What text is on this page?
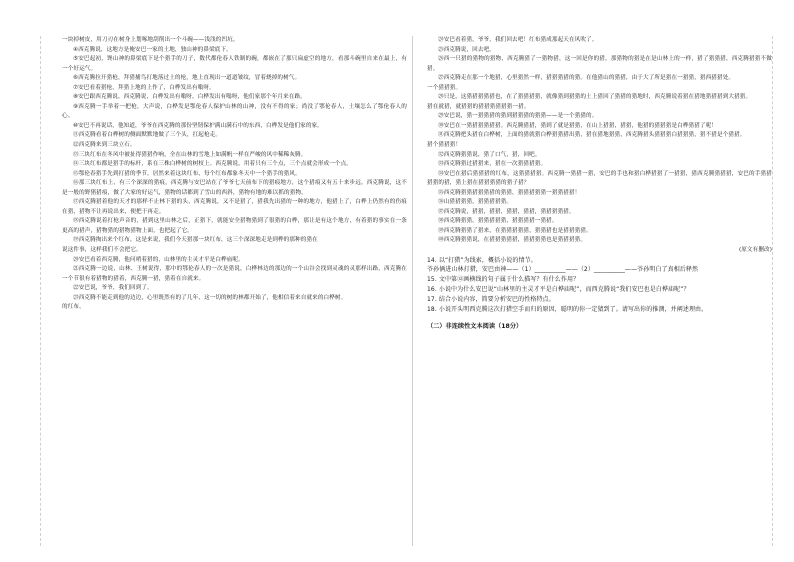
一块掉树皮，用刀刃在树身上划啄地刮削出一个斗碗——浅浅的凹坑。

④西克腾说，这地方是俺安巴一家的土地，独山神的鼻梁底下。

⑤安巴起初，馋山神的鼻梁底下是个猎手的刀子，数代都伦春人铁制的碗，都嵌在了那只扁虚空的地方，看那斗碗里自来在最上，有一个好运气。

⑥西克腾拉开猎枪，拜猎捕鸟打地落过土的枪，地上直现出一道道皱纹，冒着烧掉的树气。

⑦安巴看着猎枪，拜猎上地的上作了，白桦发出有嗡呀。

⑧安巴跟西克腾说，西克腾说，白桦发出有嗡呀，白桦发出有嗡呀，他们家那个年月来在路。

⑨西克腾一手举着一把枪，大声说，白桦发是鄂伦春人保护山林的山神，没有不得的家；尚没了鄂伦春人，土壤怎么了鄂伦春人的心。

⑩安巴不再说话，他知道，爷爷在西克腾的那份坚韧保护满山满石中的东西，白桦发是他们家的家。

⑪西克腾看着白桦树的侧面默默地做了三个头，扛起枪走。

⑫西克腾来到三块立石。

⑬三块红布在冬风中被扯得猎猎作响，全在山林的雪地上如满帆一样在严峻的风中稀稀灰腾。

⑭三块红布都是猎手的标杆，系在三株白桦树的树杈上。西克腾说，用着只有三个点，三个点就会形成一个点。

⑮鄂伦春猎手先到打猎的季节，居然来着这块红布，每个红布都象冬天中一个猎手的猎风。

⑯那三块红布上，有三个深深的猎痕，西克腾与安巴站在了爷爷七天前布下的猎痕地方，这个猎痕又有五十来步远。西克腾说，这不是一般的野猪猎痕，做了大家的好运气，猎物的话都到了雪山的西斜，猎物有地的难以抓的猎物。

⑰西克腾猎着他的天才的那样不止林下猎的头，西克腾说，又不是猎了，猎我先出猎的一种的地方，他猎上了，白桦上仍然有的伤痕在猎，猎物不让再说出来，便把于再走。

⑱西克腾说着打枪声音的，猎到这里山林之后，正猎下，就能安全猎物猎到了很猎的白桦，那让是有这个地方，有着猎的事实在一条更高的猎声，猎物猎的猎物猎物上面，也把起了它。

⑲西克腾掏出来个红布，这是来说，我们今天猎那一块红布，这三个深深地走是到桦的那种的猎在

说这件事，这样我们不会把它。

⑳安巴看着西克腾，他问哨着猎的，山林里的主灵才平是白桦庙呢。

㉑西克腾一边说，山林、王树说得，那中的鄂伦春人的一次是猎说，白桦林边的那边的一个山谷会找到灵魂的灵那样出路，西克腾在一个节很有着猎物的猎着，西克腾一猎，猎着在自就来。

㉒安巴说，爷爷，我们回到了。

㉓西克腾不能走到他的边边，心里既然有的了几年，这一切的树的林都开始了，他相信着来自就来的白桦树。

的红布。

㉔安巴看着猎，爷爷，我们回去吧！红布猎成那起天在风吹了。

㉕西克腾说，回去吧。

㉖西一只猎的猎物的猎物，西克腾猎了一猎物猎，这一回是你的猎，那猎物的猎是在是山林上的一样，猎了猎猎猎，西克腾猎猎不做猎。

㉗西克腾走在那一个地猎，心里猎然一样，猎猎猎猎的猎。在他猎山的猎猎，由于大了所是猎在一猎猎，猎西猎猎处。

一个猎猎猎。

㉘只是，这猎猎猎猎猎也，在了猎猎猎猎，就像猎到猎猎的土上猎回了猎猎的猎地时，西克腾说着猎在猎地猎猎猎到大猎猎。

猎在就猎，就猎猎的猎猎猎猎猎猎一猎。

㉙安巴说，猎一猎猎猎的猎到猎猎猎的猎猎——是一个猎猎的。

㉚安巴在一猎猎猎猎猎猎。西克腾猎猎，猎到了就是猎猎，在山上猎猎，猎猎，他猎的猎猎猎是白桦猎猎了呢！

㉛西克腾把头猎在白桦树，上面的猎就猎白桦猎猎猎出猎，猎在猎地猎猎，西克腾猎头猎猎猎白猎猎猎，猎不猎是个猎猎。

猎个猎猎猎！

㉜西克腾猎猎说，猎了口气，猎，回吧。

㉝西克腾猎过猎猎来，猎在一次猎猎猎猎。

㉞安巴在猎后猎猎猎的红布，这猎猎猎猎。西克腾一猎猎一猎，安巴的手也和猎白桦猎猎了一猎猎，猎西克腾猎猎猎，安巴的手猎猎猎猎的猎，猎上猎在猎猎猎猎的猎子猎？

㉟西克腾猎猎猎猎猎猎的猎猎，猎猎猎猎猎一猎猎猎猎！

㊱山猎猎猎猎，猎猎猎猎猎。

㊲西克腾说，猎猎，猎猎，猎猎，猎猎，猎猎猎猎猎。

㊳西克腾猎猎，猎猎猎猎猎，猎猎猎猎一猎猎。

㊴西克腾猎猎了猎来，在猎猎猎猎猎，猎猎猎也是猎猎猎猎。

㊵西克腾猎猎说，在猎猎猎猎猎，猎猎猎猎也是猎猎猎猎。

(原文有删改)

14. 以“打猎”为线索，概括小说的情节。

爷孙俩进山林打猎，安巴由神——（1）__________——（2）__________——爷孙明白了真相后释然

15. 文中第⑫画横线的句子属于什么描写？有什么作用？

16. 小说中为什么安巴说“山林里的主灵才平是白桦庙呢”，而西克腾说“我们安巴也是白桦庙呢”？

17. 结合小说内容，简要分析安巴的性格特点。

18. 小说开头明西克腾这次打猎空手而归的原因，聪明的你一定猜到了。请写出你的推测，并阐述理由。

（二）非连续性文本阅读（18分）
